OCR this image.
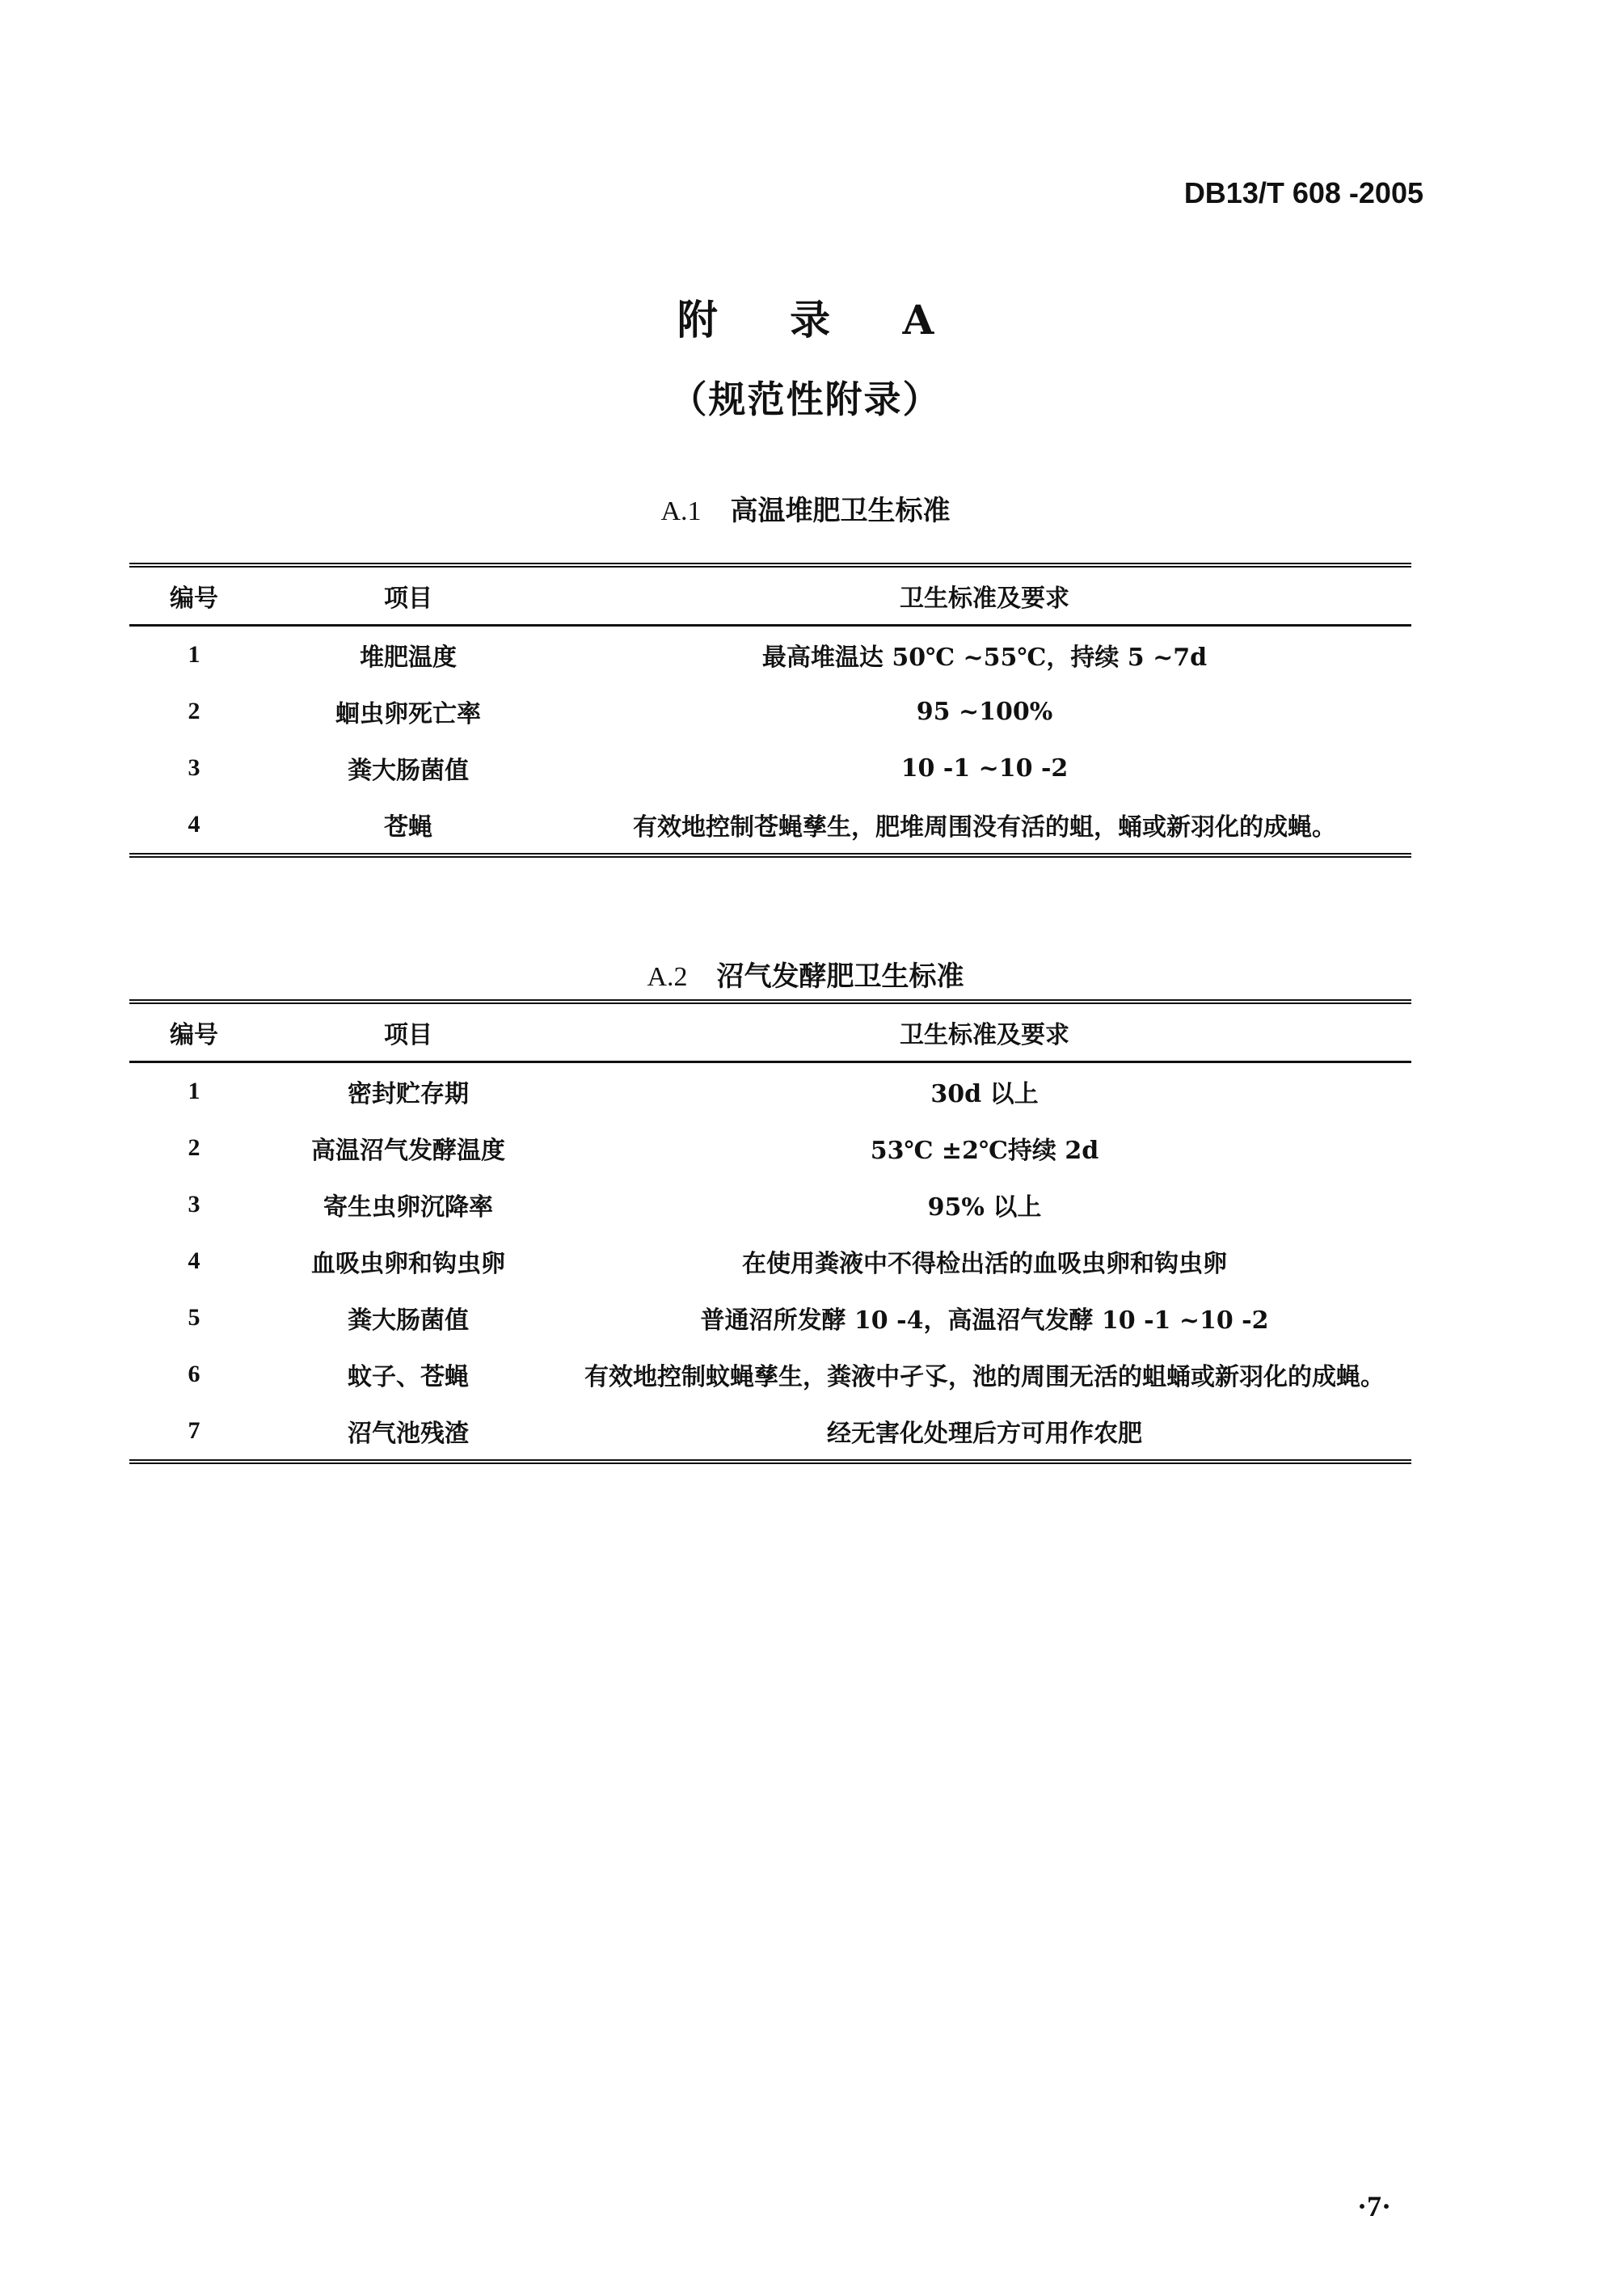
DB13/T 608 -2005
附 录 A
（规范性附录）
A.1 高温堆肥卫生标准
编号	项目	卫生标准及要求
1	堆肥温度	最高堆温达 50℃ ~55℃，持续 5 ~7d
2	蛔虫卵死亡率	95 ~100%
3	粪大肠菌值	10 -1 ~10 -2
4	苍蝇	有效地控制苍蝇孳生，肥堆周围没有活的蛆，蛹或新羽化的成蝇。
A.2 沼气发酵肥卫生标准
编号	项目	卫生标准及要求
1	密封贮存期	30d 以上
2	高温沼气发酵温度	53℃ ±2℃持续 2d
3	寄生虫卵沉降率	95% 以上
4	血吸虫卵和钩虫卵	在使用粪液中不得检出活的血吸虫卵和钩虫卵
5	粪大肠菌值	普通沼所发酵 10 -4，高温沼气发酵 10 -1 ~10 -2
6	蚊子、苍蝇	有效地控制蚊蝇孳生，粪液中孑孓，池的周围无活的蛆蛹或新羽化的成蝇。
7	沼气池残渣	经无害化处理后方可用作农肥
·7·
